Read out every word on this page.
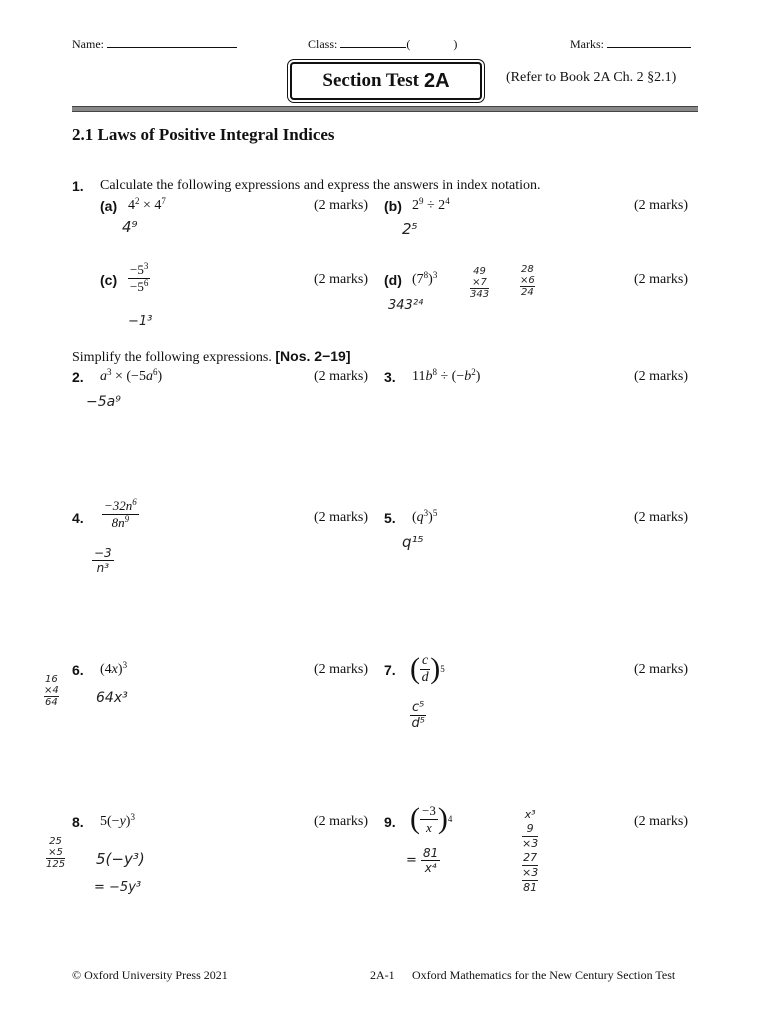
Name:	Class:	(	)	Marks:
Section Test 2A	(Refer to Book 2A Ch. 2 §2.1)
2.1 Laws of Positive Integral Indices
1. Calculate the following expressions and express the answers in index notation.
(a) $4^2 \times 4^7$	(2 marks) (b) $2^9 \div 2^4$	(2 marks)
4⁹	2⁵
$(c) \frac{-5^3}{-5^6}$	(2 marks) (d) $(7^8)^3$	(2 marks)
−1³
343²⁴
49
×7
343
28
×6
24
Simplify the following expressions. [Nos. 2−19]
2. $a^3 \times (-5a^6)$	(2 marks) 3. $11b^8 \div (-b^2)$	(2 marks)
−5a⁹
4. $\frac{-32n^6}{8n^9}$	(2 marks) 5. $(q^3)^5$	(2 marks)
$\frac{-3}{\text{n³}}$
q¹⁵
6. $(4x)^3$	(2 marks) 7. ( $\frac{c}{d}$ ) 5	(2 marks)
16
×4
64	64x³
$\frac{\text{c⁵}}{\text{d⁵}}$
8. $5(-y)^3$	(2 marks) 9. ( $\frac{-3}{x}$ ) 4	(2 marks)
25
×5
125 5(−y³)
= −5y³
= $\frac{81}{\text{x⁴}}$
x³
9
×3
27
×3
81
© Oxford University Press 2021	2A-1 Oxford Mathematics for the New Century Section Test
